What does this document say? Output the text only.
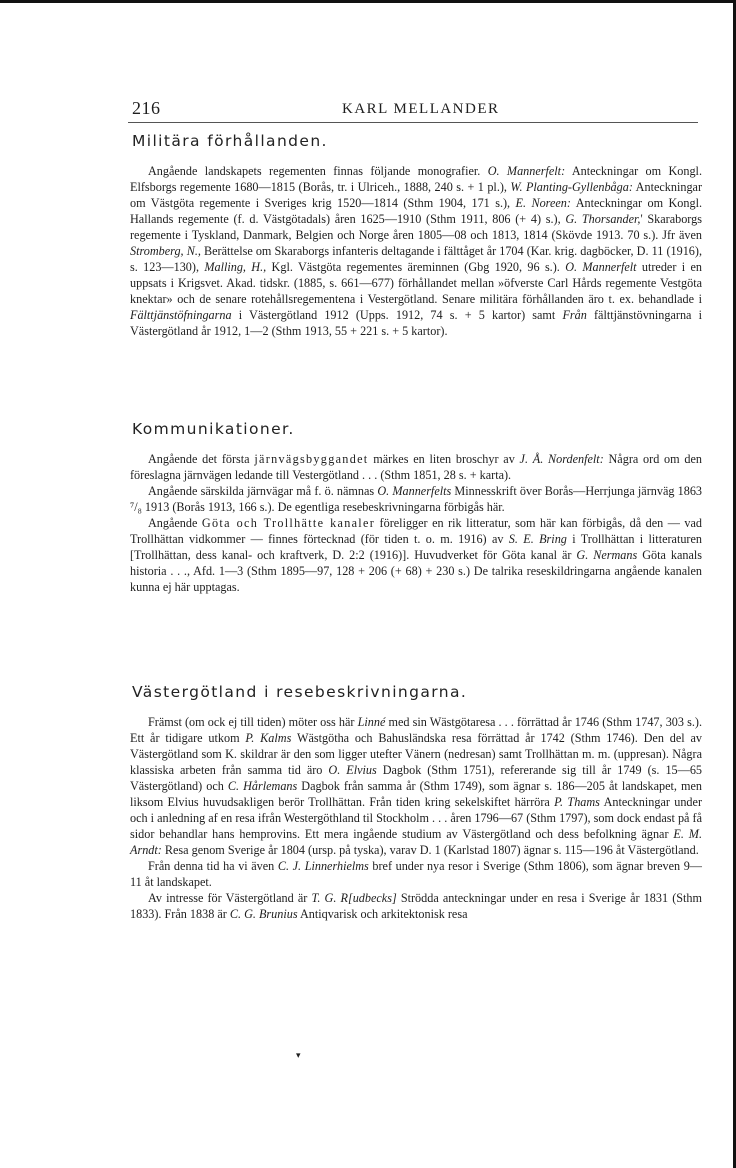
216	KARL MELLANDER
Militära förhållanden.

Angående landskapets regementen finnas följande monografier. O. Mannerfelt: Anteckningar om Kongl. Elfsborgs regemente 1680—1815 (Borås, tr. i Ulriceh., 1888, 240 s. + 1 pl.), W. Planting-Gyllenbåga: Anteckningar om Västgöta regemente i Sveriges krig 1520—1814 (Sthm 1904, 171 s.), E. Noreen: Anteckningar om Kongl. Hallands regemente (f. d. Västgötadals) åren 1625—1910 (Sthm 1911, 806 (+ 4) s.), G. Thorsander,' Skaraborgs regemente i Tyskland, Danmark, Belgien och Norge åren 1805—08 och 1813, 1814 (Skövde 1913. 70 s.). Jfr även Stromberg, N., Berättelse om Skaraborgs infanteris deltagande i fälttåget år 1704 (Kar. krig. dagböcker, D. 11 (1916), s. 123—130), Malling, H., Kgl. Västgöta regementes äreminnen (Gbg 1920, 96 s.). O. Mannerfelt utreder i en uppsats i Krigsvet. Akad. tidskr. (1885, s. 661—677) förhållandet mellan »öfverste Carl Hårds regemente Vestgöta knektar» och de senare rotehållsregementena i Vestergötland. Senare militära förhållanden äro t. ex. behandlade i Fälttjänstöfningarna i Västergötland 1912 (Upps. 1912, 74 s. + 5 kartor) samt Från fälttjänstövningarna i Västergötland år 1912, 1—2 (Sthm 1913, 55 + 221 s. + 5 kartor).

Kommunikationer.

Angående det första järnvägsbyggandet märkes en liten broschyr av J. Å. Nordenfelt: Några ord om den föreslagna järnvägen ledande till Vestergötland . . . (Sthm 1851, 28 s. + karta).

Angående särskilda järnvägar må f. ö. nämnas O. Mannerfelts Minnesskrift över Borås—Herrjunga järnväg 1863 ⁷/₈ 1913 (Borås 1913, 166 s.). De egentliga resebeskrivningarna förbigås här.

Angående Göta och Trollhätte kanaler föreligger en rik litteratur, som här kan förbigås, då den — vad Trollhättan vidkommer — finnes förtecknad (för tiden t. o. m. 1916) av S. E. Bring i Trollhättan i litteraturen [Trollhättan, dess kanal- och kraftverk, D. 2:2 (1916)]. Huvudverket för Göta kanal är G. Nermans Göta kanals historia . . ., Afd. 1—3 (Sthm 1895—97, 128 + 206 (+ 68) + 230 s.) De talrika reseskildringarna angående kanalen kunna ej här upptagas.

Västergötland i resebeskrivningarna.

Främst (om ock ej till tiden) möter oss här Linné med sin Wästgötaresa . . . förrättad år 1746 (Sthm 1747, 303 s.). Ett år tidigare utkom P. Kalms Wästgötha och Bahusländska resa förrättad år 1742 (Sthm 1746). Den del av Västergötland som K. skildrar är den som ligger utefter Vänern (nedresan) samt Trollhättan m. m. (uppresan). Några klassiska arbeten från samma tid äro O. Elvius Dagbok (Sthm 1751), refererande sig till år 1749 (s. 15—65 Västergötland) och C. Hårlemans Dagbok från samma år (Sthm 1749), som ägnar s. 186—205 åt landskapet, men liksom Elvius huvudsakligen berör Trollhättan. Från tiden kring sekelskiftet härröra P. Thams Anteckningar under och i anledning af en resa ifrån Westergöthland til Stockholm . . . åren 1796—67 (Sthm 1797), som dock endast på få sidor behandlar hans hemprovins. Ett mera ingående studium av Västergötland och dess befolkning ägnar E. M. Arndt: Resa genom Sverige år 1804 (ursp. på tyska), varav D. 1 (Karlstad 1807) ägnar s. 115—196 åt Västergötland.

Från denna tid ha vi även C. J. Linnerhielms bref under nya resor i Sverige (Sthm 1806), som ägnar breven 9—11 åt landskapet.

Av intresse för Västergötland är T. G. R[udbecks] Strödda anteckningar under en resa i Sverige år 1831 (Sthm 1833). Från 1838 är C. G. Brunius Antiqvarisk och arkitektonisk resa

▾
